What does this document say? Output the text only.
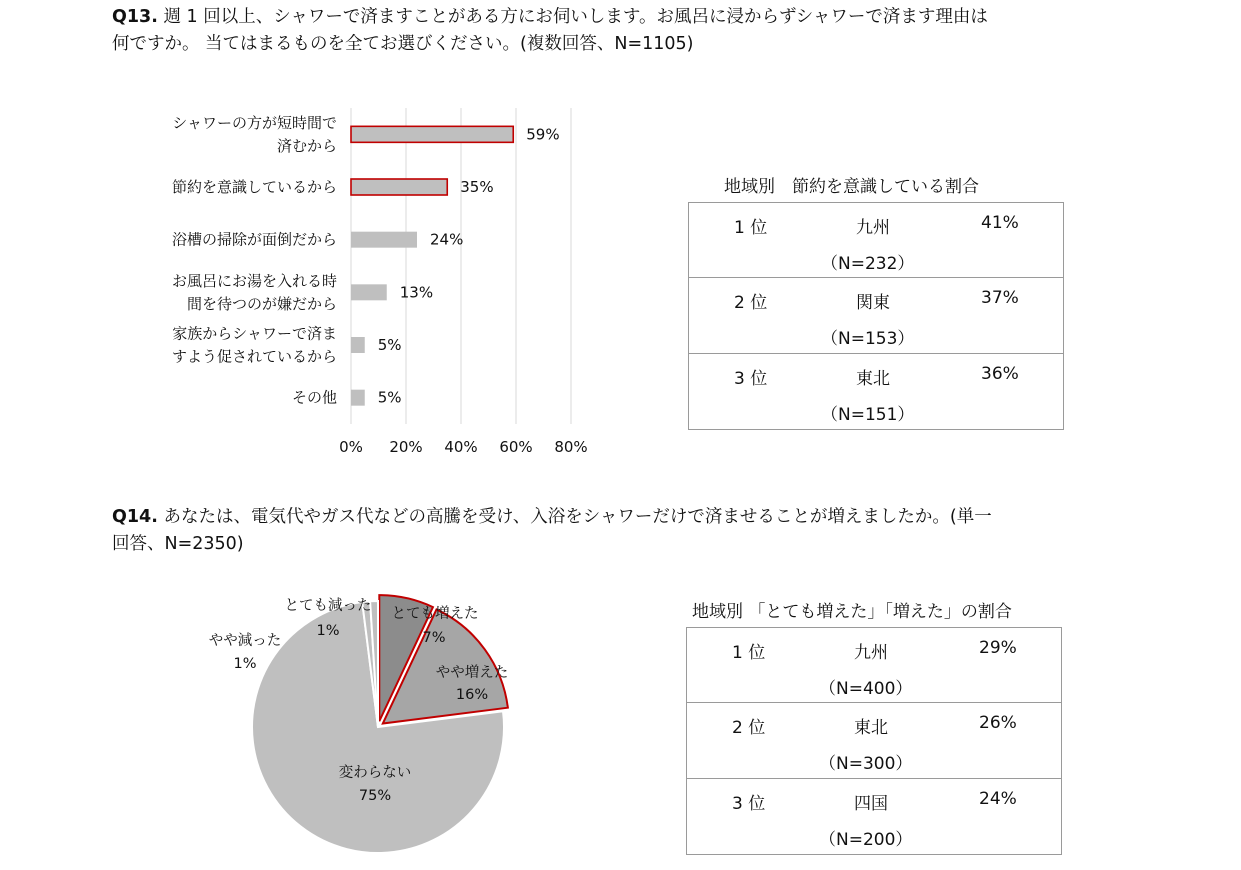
Q13. 週 1 回以上、シャワーで済ますことがある方にお伺いします。お風呂に浸からずシャワーで済ます理由は
何ですか。 当てはまるものを全てお選びください。(複数回答、N=1105)
Q14. あなたは、電気代やガス代などの高騰を受け、入浴をシャワーだけで済ませることが増えましたか。(単一
回答、N=2350)
0% 20% 40% 60% 80%
59%
シャワーの方が短時間で済むから
35%
節約を意識しているから
24%
浴槽の掃除が面倒だから
13%
お風呂にお湯を入れる時間を待つのが嫌だから
5%
家族からシャワーで済ますよう促されているから
5%
その他
とても増えた
7%
やや増えた
16%
変わらない
75%
やや減った
1%
とても減った
1%
地域別　節約を意識している割合
1 位	九州	41%
（N=232）
2 位	関東	37%
（N=153）
3 位	東北	36%
（N=151）
地域別 「とても増えた」「増えた」の割合
1 位	九州	29%
（N=400）
2 位	東北	26%
（N=300）
3 位	四国	24%
（N=200）
